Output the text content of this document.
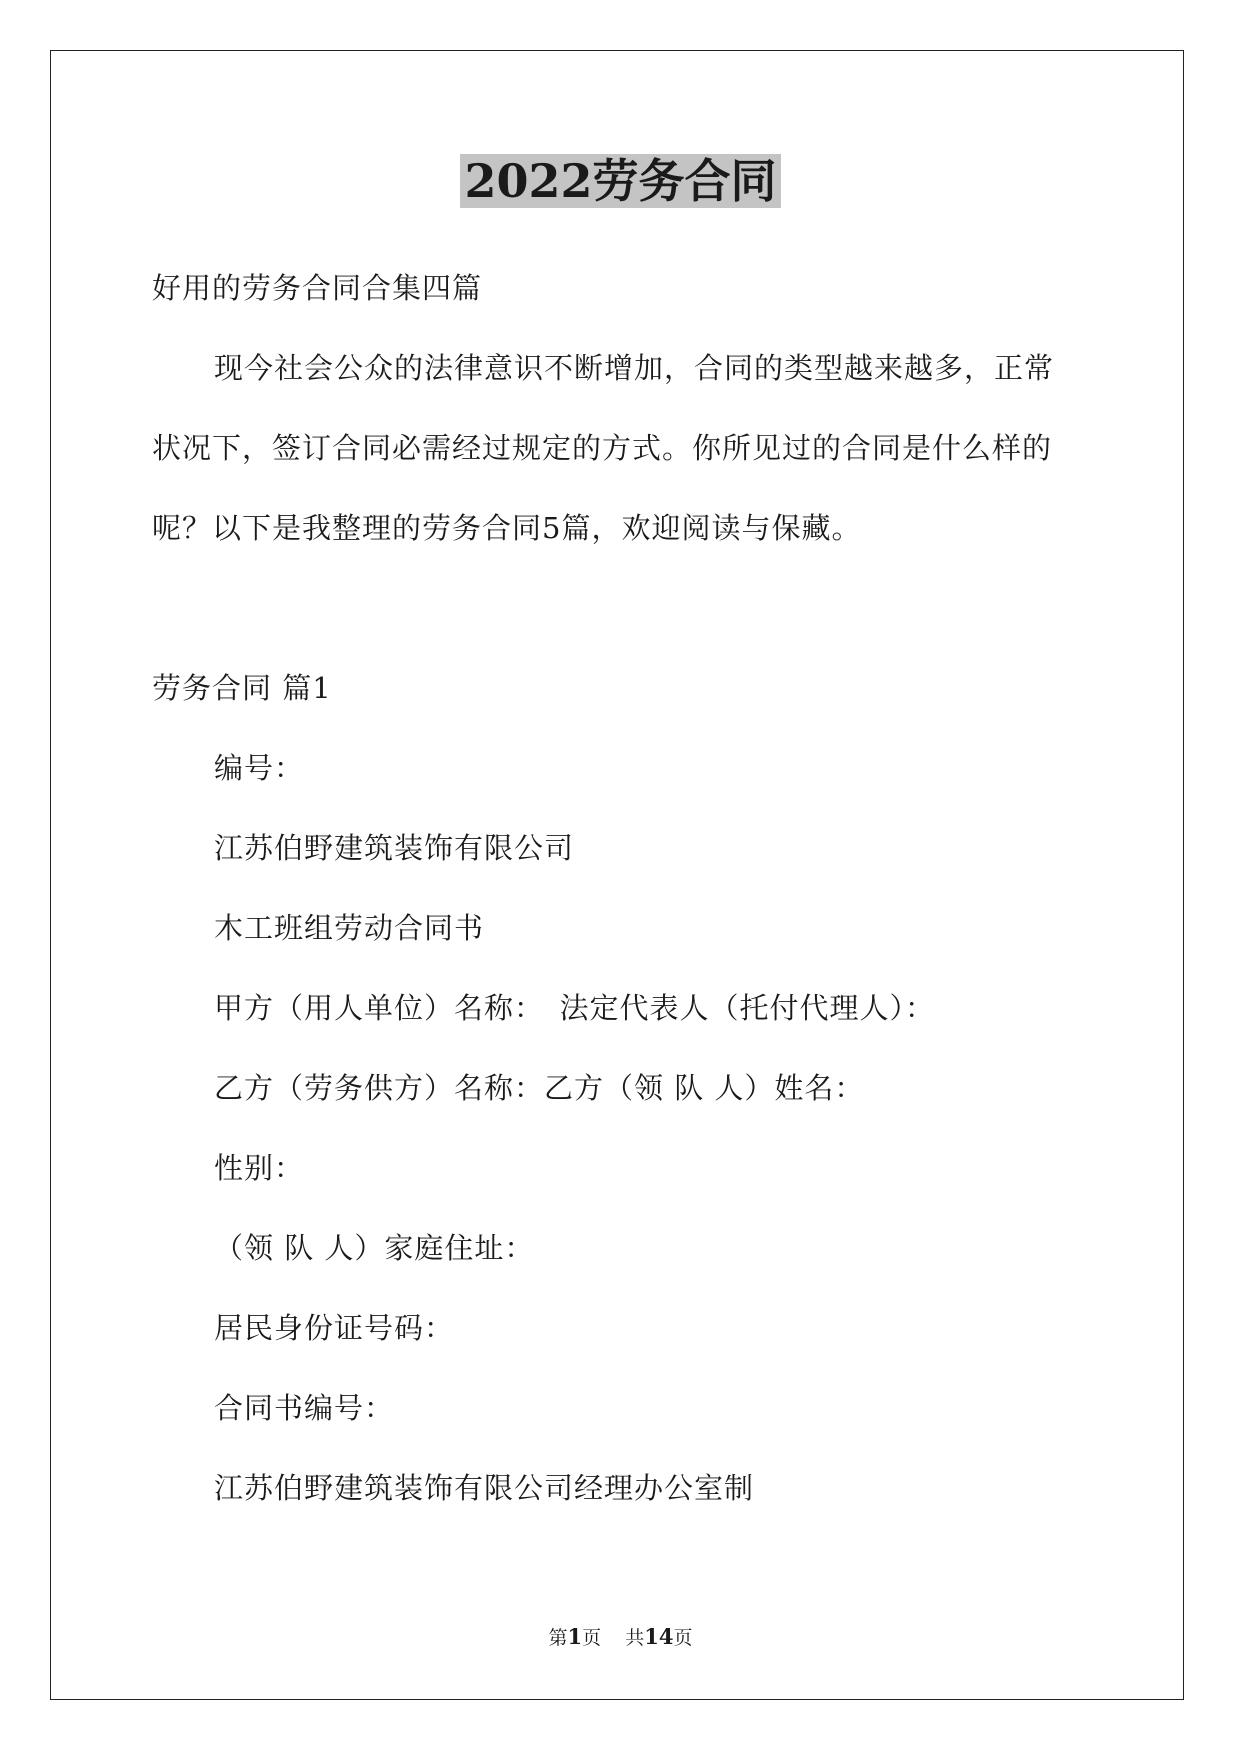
2022劳务合同
好用的劳务合同合集四篇
现今社会公众的法律意识不断增加，合同的类型越来越多，正常
状况下，签订合同必需经过规定的方式。你所见过的合同是什么样的
呢？以下是我整理的劳务合同5篇，欢迎阅读与保藏。
劳务合同 篇1
编号：
江苏伯野建筑装饰有限公司
木工班组劳动合同书
甲方（用人单位）名称：　法定代表人（托付代理人）：
乙方（劳务供方）名称：乙方（领 队 人）姓名：
性别：
（领 队 人）家庭住址：
居民身份证号码：
合同书编号：
江苏伯野建筑装饰有限公司经理办公室制
第1页 共14页
